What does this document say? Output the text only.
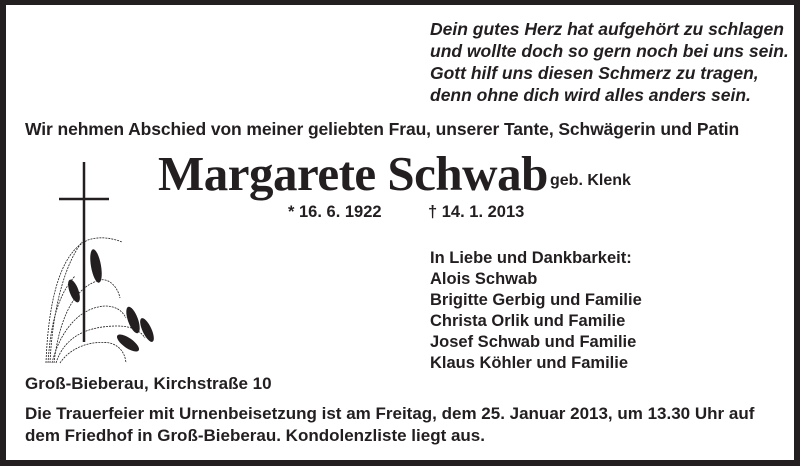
Dein gutes Herz hat aufgehört zu schlagen
und wollte doch so gern noch bei uns sein.
Gott hilf uns diesen Schmerz zu tragen,
denn ohne dich wird alles anders sein.
Wir nehmen Abschied von meiner geliebten Frau, unserer Tante, Schwägerin und Patin
Margarete Schwab geb. Klenk
* 16. 6. 1922	† 14. 1. 2013
In Liebe und Dankbarkeit:
Alois Schwab
Brigitte Gerbig und Familie
Christa Orlik und Familie
Josef Schwab und Familie
Klaus Köhler und Familie
Groß-Bieberau, Kirchstraße 10
Die Trauerfeier mit Urnenbeisetzung ist am Freitag, dem 25. Januar 2013, um 13.30 Uhr auf
dem Friedhof in Groß-Bieberau. Kondolenzliste liegt aus.
